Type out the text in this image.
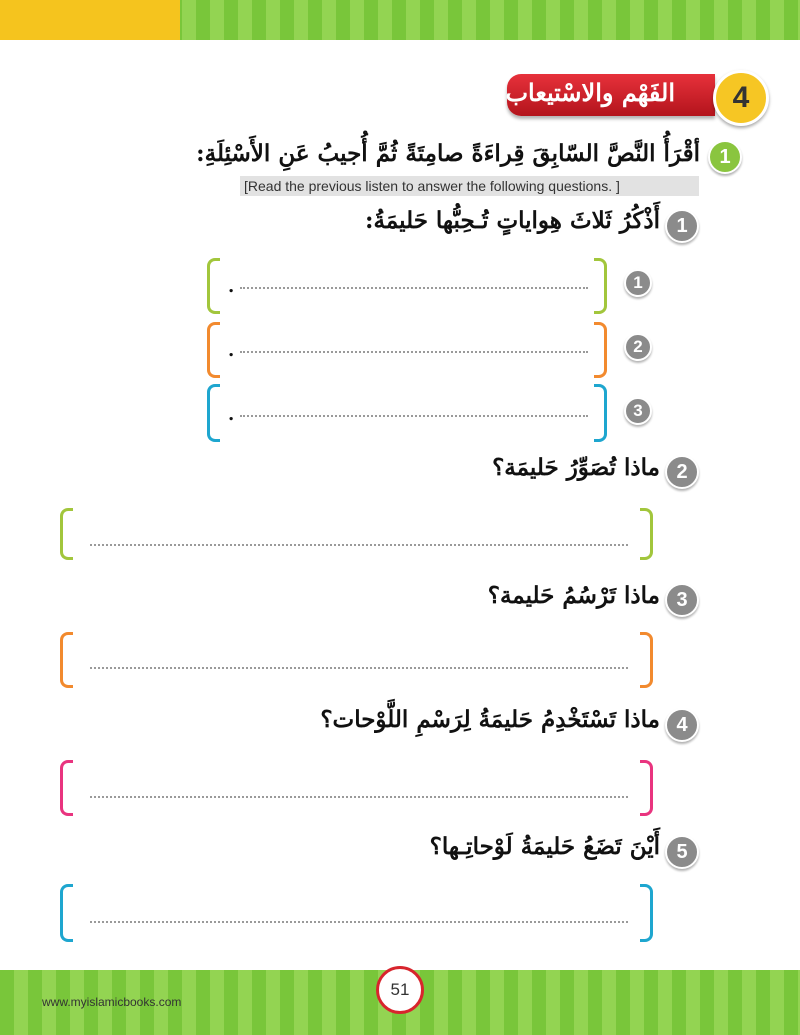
الفَهْم والاسْتيعاب	4
1
أقْرَأُ النَّصَّ السّابِقَ قِراءَةً صامِتَةً ثُمَّ أُجيبُ عَنِ الأَسْئِلَةِ:
[Read the previous listen to answer the following questions. ]
1
أَذْكُرُ ثَلاثَ هِواياتٍ تُـحِبُّها حَليمَةُ:
1
.
2
.
3
.
2
ماذا تُصَوِّرُ حَليمَة؟
3
ماذا تَرْسُمُ حَليمة؟
4
ماذا تَسْتَخْدِمُ حَليمَةُ لِرَسْمِ اللَّوْحات؟
5
أَيْنَ تَضَعُ حَليمَةُ لَوْحاتِـها؟
51
www.myislamicbooks.com
